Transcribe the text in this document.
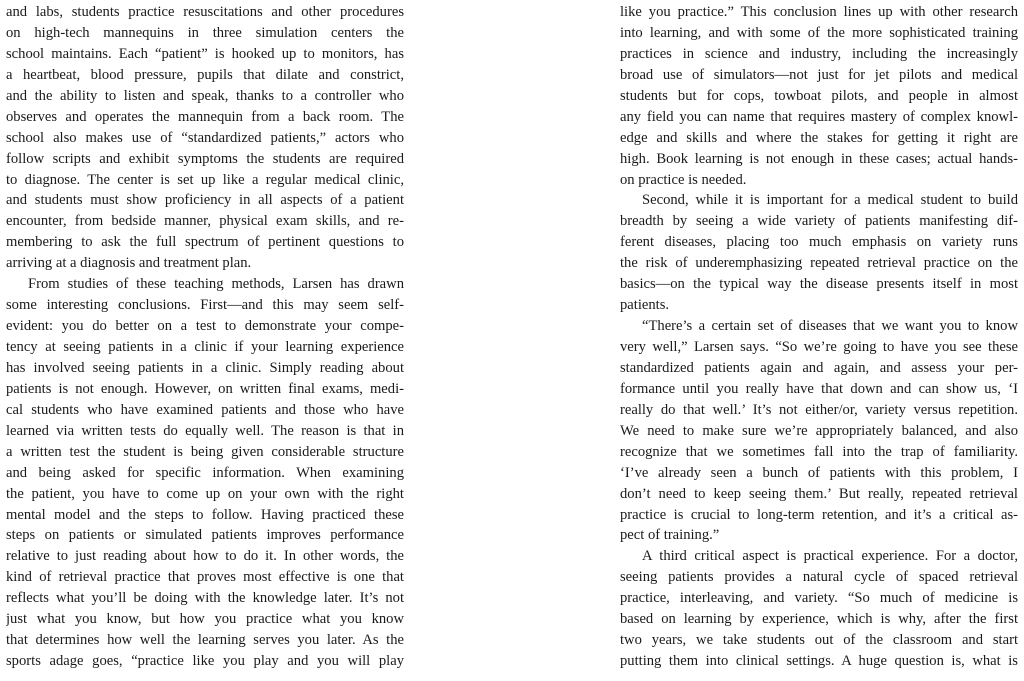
and labs, students practice resuscitations and other procedures
on high-tech mannequins in three simulation centers the
school maintains. Each “patient” is hooked up to monitors, has
a heartbeat, blood pressure, pupils that dilate and constrict,
and the ability to listen and speak, thanks to a controller who
observes and operates the mannequin from a back room. The
school also makes use of “standardized patients,” actors who
follow scripts and exhibit symptoms the students are required
to diagnose. The center is set up like a regular medical clinic,
and students must show proficiency in all aspects of a patient
encounter, from bedside manner, physical exam skills, and re-
membering to ask the full spectrum of pertinent questions to
arriving at a diagnosis and treatment plan.
From studies of these teaching methods, Larsen has drawn
some interesting conclusions. First—and this may seem self-
evident: you do better on a test to demonstrate your compe-
tency at seeing patients in a clinic if your learning experience
has involved seeing patients in a clinic. Simply reading about
patients is not enough. However, on written final exams, medi-
cal students who have examined patients and those who have
learned via written tests do equally well. The reason is that in
a written test the student is being given considerable structure
and being asked for specific information. When examining
the patient, you have to come up on your own with the right
mental model and the steps to follow. Having practiced these
steps on patients or simulated patients improves performance
relative to just reading about how to do it. In other words, the
kind of retrieval practice that proves most effective is one that
reflects what you’ll be doing with the knowledge later. It’s not
just what you know, but how you practice what you know
that determines how well the learning serves you later. As the
sports adage goes, “practice like you play and you will play
like you practice.” This conclusion lines up with other research
into learning, and with some of the more sophisticated training
practices in science and industry, including the increasingly
broad use of simulators—not just for jet pilots and medical
students but for cops, towboat pilots, and people in almost
any field you can name that requires mastery of complex knowl-
edge and skills and where the stakes for getting it right are
high. Book learning is not enough in these cases; actual hands-
on practice is needed.
Second, while it is important for a medical student to build
breadth by seeing a wide variety of patients manifesting dif-
ferent diseases, placing too much emphasis on variety runs
the risk of underemphasizing repeated retrieval practice on the
basics—on the typical way the disease presents itself in most
patients.
“There’s a certain set of diseases that we want you to know
very well,” Larsen says. “So we’re going to have you see these
standardized patients again and again, and assess your per-
formance until you really have that down and can show us, ‘I
really do that well.’ It’s not either/or, variety versus repetition.
We need to make sure we’re appropriately balanced, and also
recognize that we sometimes fall into the trap of familiarity.
‘I’ve already seen a bunch of patients with this problem, I
don’t need to keep seeing them.’ But really, repeated retrieval
practice is crucial to long-term retention, and it’s a critical as-
pect of training.”
A third critical aspect is practical experience. For a doctor,
seeing patients provides a natural cycle of spaced retrieval
practice, interleaving, and variety. “So much of medicine is
based on learning by experience, which is why, after the first
two years, we take students out of the classroom and start
putting them into clinical settings. A huge question is, what is
